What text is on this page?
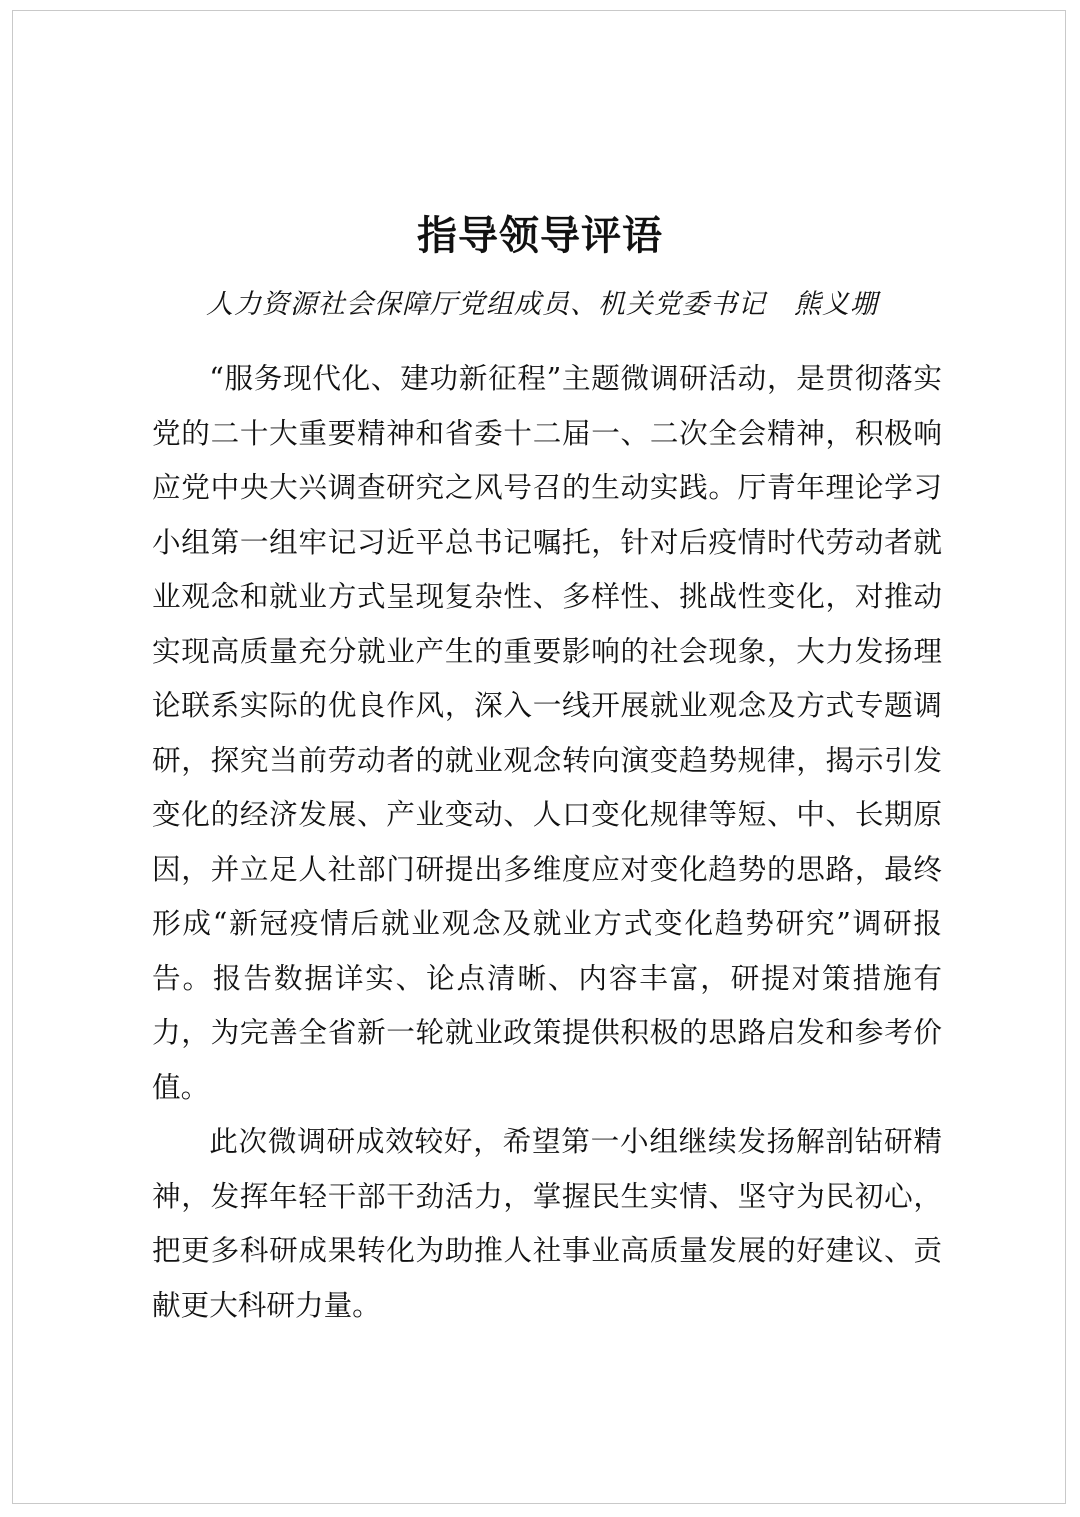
指导领导评语
人力资源社会保障厅党组成员、机关党委书记　熊义堋

“服务现代化、建功新征程”主题微调研活动，是贯彻落实党的二十大重要精神和省委十二届一、二次全会精神，积极响应党中央大兴调查研究之风号召的生动实践。厅青年理论学习小组第一组牢记习近平总书记嘱托，针对后疫情时代劳动者就业观念和就业方式呈现复杂性、多样性、挑战性变化，对推动实现高质量充分就业产生的重要影响的社会现象，大力发扬理论联系实际的优良作风，深入一线开展就业观念及方式专题调研，探究当前劳动者的就业观念转向演变趋势规律，揭示引发变化的经济发展、产业变动、人口变化规律等短、中、长期原因，并立足人社部门研提出多维度应对变化趋势的思路，最终形成“新冠疫情后就业观念及就业方式变化趋势研究”调研报告。报告数据详实、论点清晰、内容丰富，研提对策措施有力，为完善全省新一轮就业政策提供积极的思路启发和参考价值。

此次微调研成效较好，希望第一小组继续发扬解剖钻研精神，发挥年轻干部干劲活力，掌握民生实情、坚守为民初心，把更多科研成果转化为助推人社事业高质量发展的好建议、贡献更大科研力量。
